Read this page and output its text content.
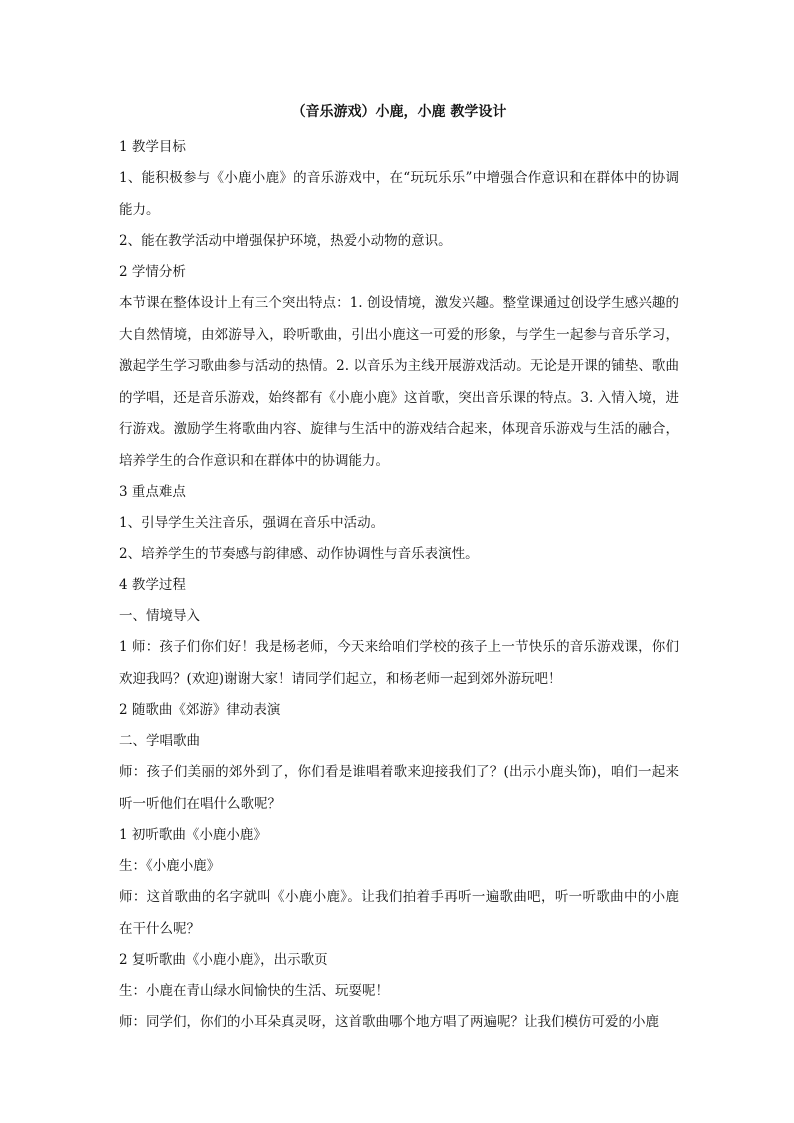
（音乐游戏）小鹿，小鹿 教学设计

1 教学目标

1、能积极参与《小鹿小鹿》的音乐游戏中，在“玩玩乐乐”中增强合作意识和在群体中的协调能力。

2、能在教学活动中增强保护环境，热爱小动物的意识。

2 学情分析

本节课在整体设计上有三个突出特点：1. 创设情境，激发兴趣。整堂课通过创设学生感兴趣的大自然情境，由郊游导入，聆听歌曲，引出小鹿这一可爱的形象，与学生一起参与音乐学习，激起学生学习歌曲参与活动的热情。2. 以音乐为主线开展游戏活动。无论是开课的铺垫、歌曲的学唱，还是音乐游戏，始终都有《小鹿小鹿》这首歌，突出音乐课的特点。3. 入情入境，进行游戏。激励学生将歌曲内容、旋律与生活中的游戏结合起来，体现音乐游戏与生活的融合，培养学生的合作意识和在群体中的协调能力。

3 重点难点

1、引导学生关注音乐，强调在音乐中活动。

2、培养学生的节奏感与韵律感、动作协调性与音乐表演性。

4 教学过程

一、情境导入

1 师：孩子们你们好！我是杨老师，今天来给咱们学校的孩子上一节快乐的音乐游戏课，你们欢迎我吗？(欢迎)谢谢大家！请同学们起立，和杨老师一起到郊外游玩吧！

2 随歌曲《郊游》律动表演

二、学唱歌曲

师：孩子们美丽的郊外到了，你们看是谁唱着歌来迎接我们了？(出示小鹿头饰)，咱们一起来听一听他们在唱什么歌呢？

1 初听歌曲《小鹿小鹿》

生：《小鹿小鹿》

师：这首歌曲的名字就叫《小鹿小鹿》。让我们拍着手再听一遍歌曲吧，听一听歌曲中的小鹿在干什么呢？

2 复听歌曲《小鹿小鹿》，出示歌页

生：小鹿在青山绿水间愉快的生活、玩耍呢！

师：同学们，你们的小耳朵真灵呀，这首歌曲哪个地方唱了两遍呢？让我们模仿可爱的小鹿
